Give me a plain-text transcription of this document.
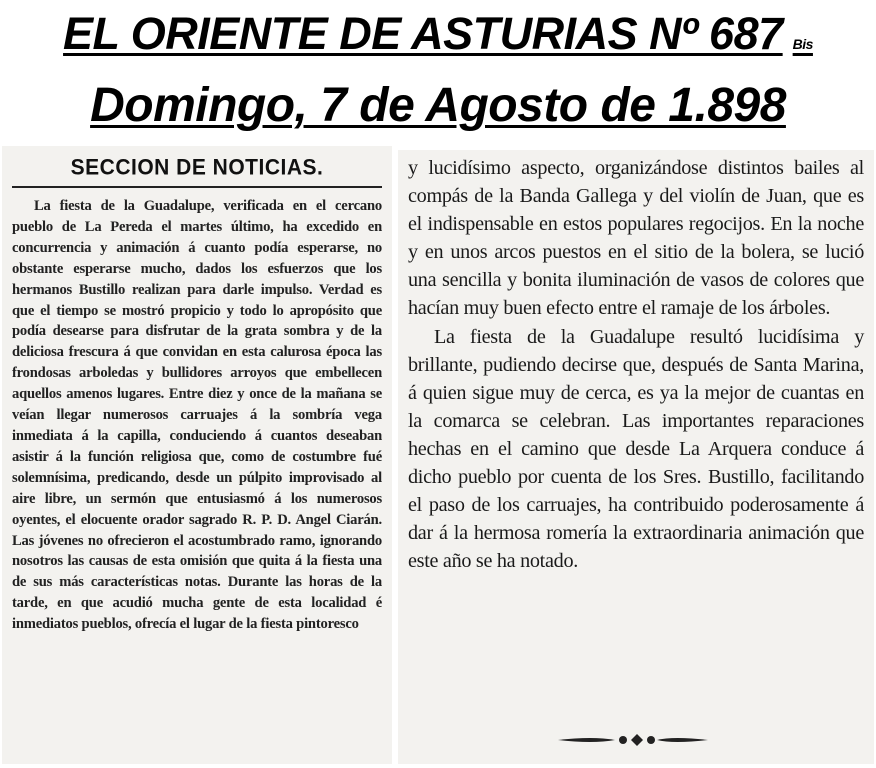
EL ORIENTE DE ASTURIAS Nº 687 Bis
Domingo, 7 de Agosto de 1.898
SECCION DE NOTICIAS.
La fiesta de la Guadalupe, verificada en el cercano pueblo de La Pereda el martes último, ha excedido en concurrencia y animación á cuanto podía esperarse, no obstante esperarse mucho, dados los esfuerzos que los hermanos Bustillo realizan para darle impulso. Verdad es que el tiempo se mostró propicio y todo lo apropósito que podía desearse para disfrutar de la grata sombra y de la deliciosa frescura á que convidan en esta calurosa época las frondosas arboledas y bullidores arroyos que embellecen aquellos amenos lugares. Entre diez y once de la mañana se veían llegar numerosos carruajes á la sombría vega inmediata á la capilla, conduciendo á cuantos deseaban asistir á la función religiosa que, como de costumbre fué solemnísima, predicando, desde un púlpito improvisado al aire libre, un sermón que entusiasmó á los numerosos oyentes, el elocuente orador sagrado R. P. D. Angel Ciarán. Las jóvenes no ofrecieron el acostumbrado ramo, ignorando nosotros las causas de esta omisión que quita á la fiesta una de sus más características notas. Durante las horas de la tarde, en que acudió mucha gente de esta localidad é inmediatos pueblos, ofrecía el lugar de la fiesta pintoresco

y lucidísimo aspecto, organizándose distintos bailes al compás de la Banda Gallega y del violín de Juan, que es el indispensable en estos populares regocijos. En la noche y en unos arcos puestos en el sitio de la bolera, se lució una sencilla y bonita iluminación de vasos de colores que hacían muy buen efecto entre el ramaje de los árboles.

La fiesta de la Guadalupe resultó lucidísima y brillante, pudiendo decirse que, después de Santa Marina, á quien sigue muy de cerca, es ya la mejor de cuantas en la comarca se celebran. Las importantes reparaciones hechas en el camino que desde La Arquera conduce á dicho pueblo por cuenta de los Sres. Bustillo, facilitando el paso de los carruajes, ha contribuido poderosamente á dar á la hermosa romería la extraordinaria animación que este año se ha notado.
